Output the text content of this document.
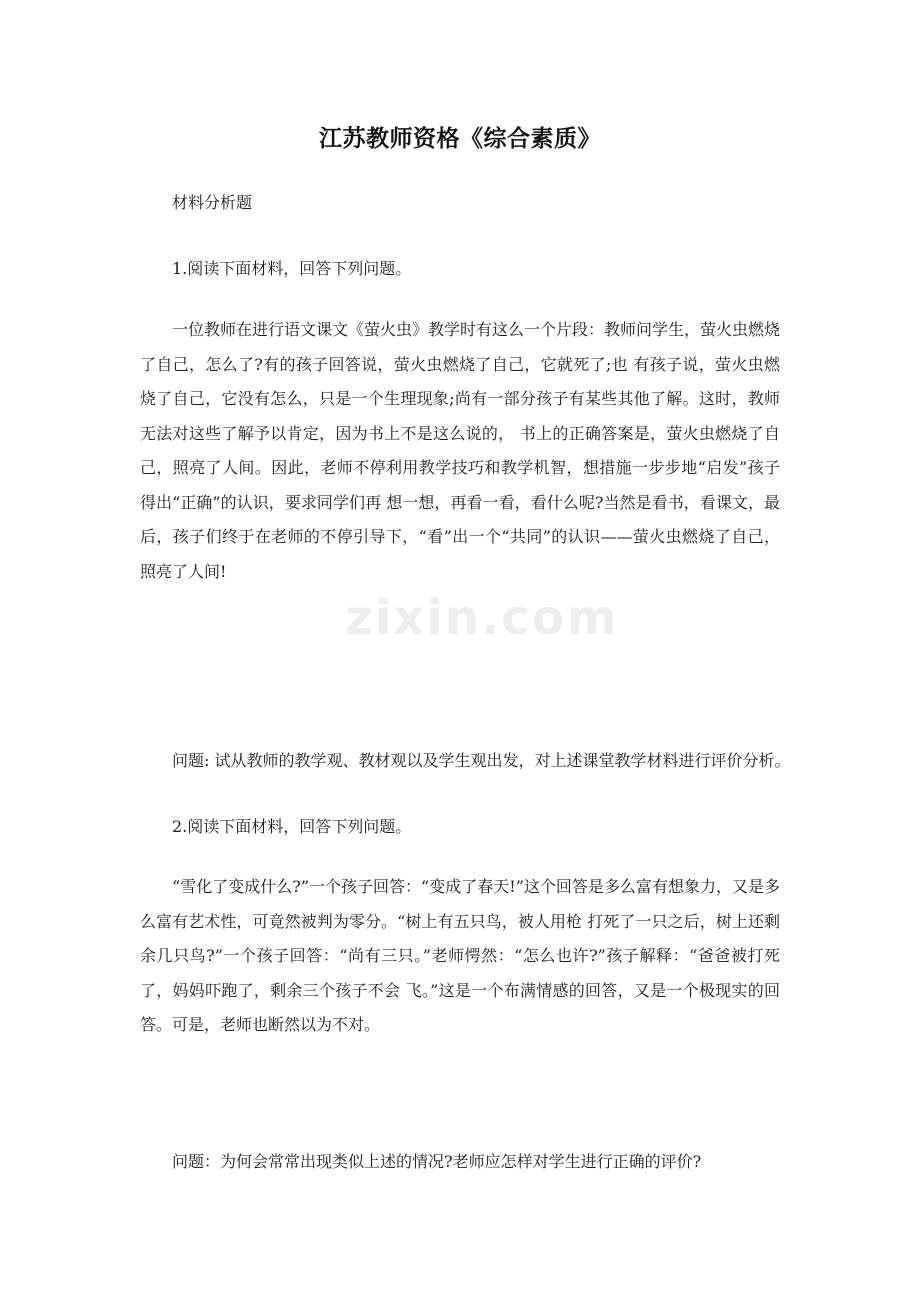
江苏教师资格《综合素质》
材料分析题
1.阅读下面材料，回答下列问题。
一位教师在进行语文课文《萤火虫》教学时有这么一个片段：教师问学生，萤火虫燃烧了自己，怎么了?有的孩子回答说，萤火虫燃烧了自己，它就死了;也 有孩子说，萤火虫燃烧了自己，它没有怎么，只是一个生理现象;尚有一部分孩子有某些其他了解。这时，教师无法对这些了解予以肯定，因为书上不是这么说的， 书上的正确答案是，萤火虫燃烧了自己，照亮了人间。因此，老师不停利用教学技巧和教学机智，想措施一步步地“启发”孩子得出“正确”的认识，要求同学们再 想一想，再看一看，看什么呢?当然是看书，看课文，最后，孩子们终于在老师的不停引导下，“看”出一个“共同”的认识——萤火虫燃烧了自己，照亮了人间!
问题: 试从教师的教学观、教材观以及学生观出发，对上述课堂教学材料进行评价分析。
2.阅读下面材料，回答下列问题。
“雪化了变成什么?”一个孩子回答：“变成了春天!”这个回答是多么富有想象力，又是多么富有艺术性，可竟然被判为零分。“树上有五只鸟，被人用枪 打死了一只之后，树上还剩余几只鸟?”一个孩子回答：“尚有三只。”老师愕然：“怎么也许?”孩子解释：“爸爸被打死了，妈妈吓跑了，剩余三个孩子不会 飞。”这是一个布满情感的回答，又是一个极现实的回答。可是，老师也断然以为不对。
问题：为何会常常出现类似上述的情况?老师应怎样对学生进行正确的评价?
zixin.com
